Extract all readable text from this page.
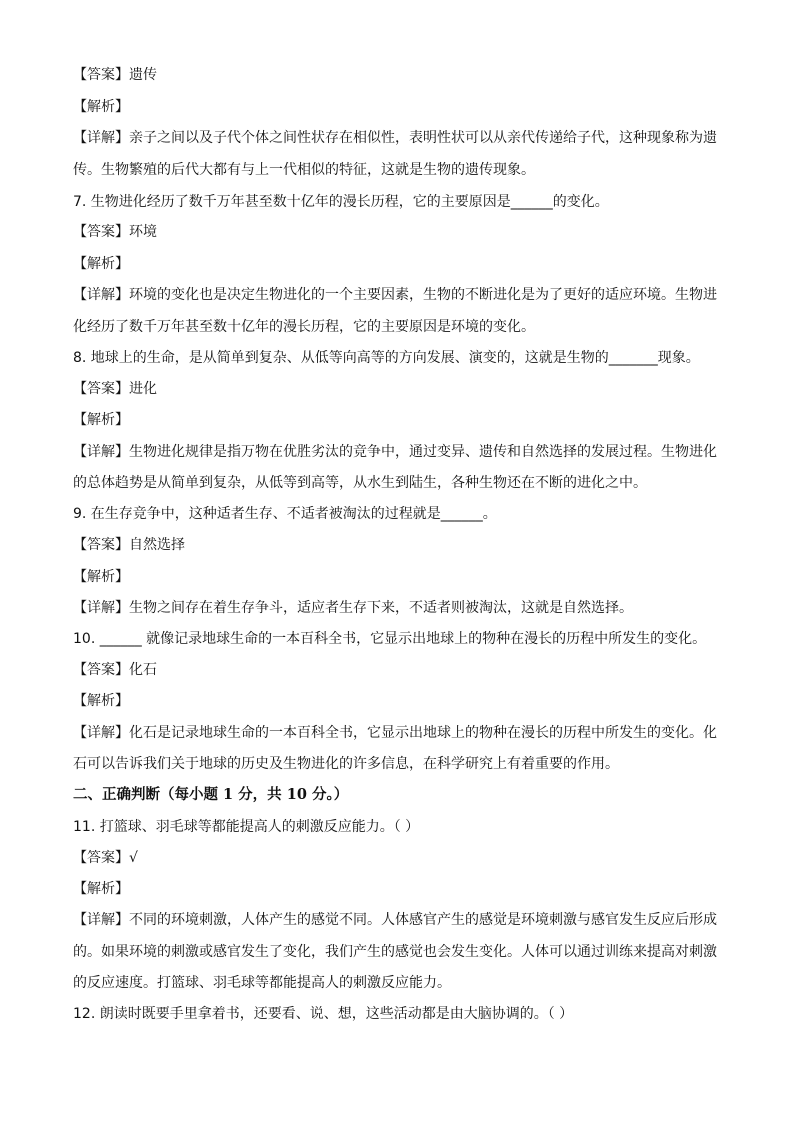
【答案】遗传
【解析】
【详解】亲子之间以及子代个体之间性状存在相似性，表明性状可以从亲代传递给子代，这种现象称为遗
传。生物繁殖的后代大都有与上一代相似的特征，这就是生物的遗传现象。
7. 生物进化经历了数千万年甚至数十亿年的漫长历程，它的主要原因是______的变化。
【答案】环境
【解析】
【详解】环境的变化也是决定生物进化的一个主要因素，生物的不断进化是为了更好的适应环境。生物进
化经历了数千万年甚至数十亿年的漫长历程，它的主要原因是环境的变化。
8. 地球上的生命，是从简单到复杂、从低等向高等的方向发展、演变的，这就是生物的_______现象。
【答案】进化
【解析】
【详解】生物进化规律是指万物在优胜劣汰的竞争中，通过变异、遗传和自然选择的发展过程。生物进化
的总体趋势是从简单到复杂，从低等到高等，从水生到陆生，各种生物还在不断的进化之中。
9. 在生存竞争中，这种适者生存、不适者被淘汰的过程就是______。
【答案】自然选择
【解析】
【详解】生物之间存在着生存争斗，适应者生存下来，不适者则被淘汰，这就是自然选择。
10. ______ 就像记录地球生命的一本百科全书，它显示出地球上的物种在漫长的历程中所发生的变化。
【答案】化石
【解析】
【详解】化石是记录地球生命的一本百科全书，它显示出地球上的物种在漫长的历程中所发生的变化。化
石可以告诉我们关于地球的历史及生物进化的许多信息，在科学研究上有着重要的作用。
二、正确判断（每小题 1 分，共 10 分。）
11. 打篮球、羽毛球等都能提高人的刺激反应能力。（ ）
【答案】√
【解析】
【详解】不同的环境刺激，人体产生的感觉不同。人体感官产生的感觉是环境刺激与感官发生反应后形成
的。如果环境的刺激或感官发生了变化，我们产生的感觉也会发生变化。人体可以通过训练来提高对刺激
的反应速度。打篮球、羽毛球等都能提高人的刺激反应能力。
12. 朗读时既要手里拿着书，还要看、说、想，这些活动都是由大脑协调的。（ ）
